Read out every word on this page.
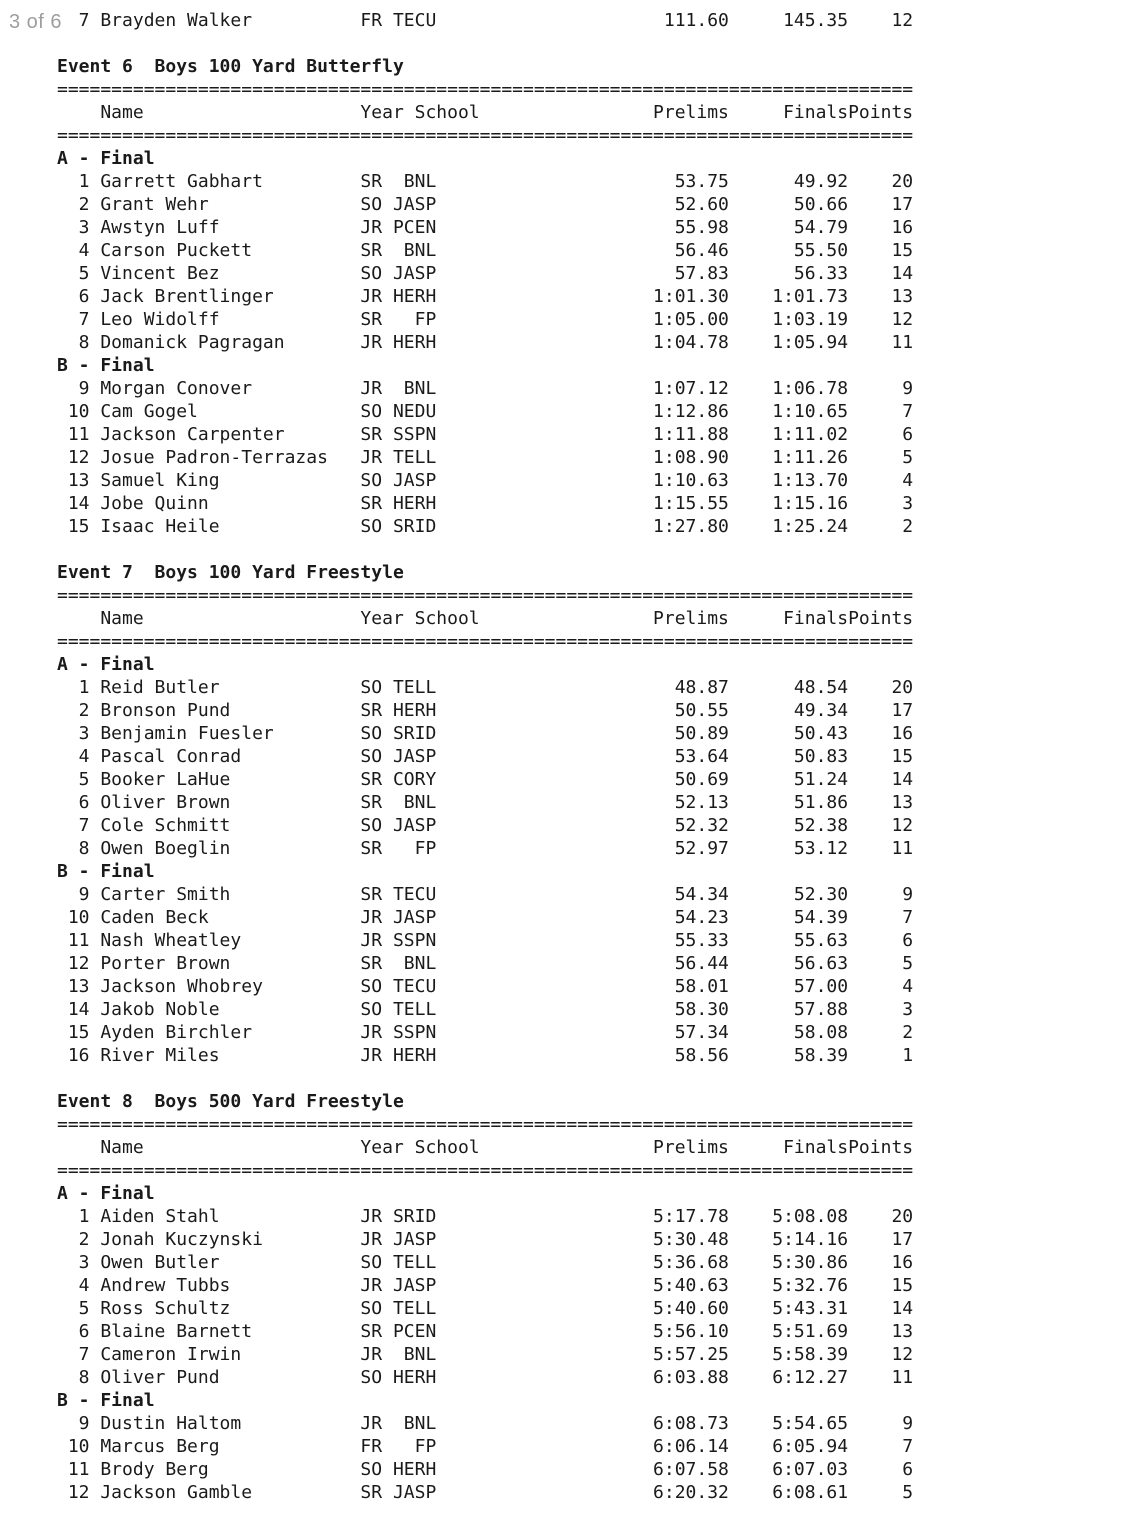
3 of 6
7 Brayden Walker          FR TECU                     111.60     145.35    12

Event 6  Boys 100 Yard Butterfly
===============================================================================
Name                    Year School                Prelims     FinalsPoints
===============================================================================
A - Final
1 Garrett Gabhart         SR  BNL                      53.75      49.92    20
2 Grant Wehr              SO JASP                      52.60      50.66    17
3 Awstyn Luff             JR PCEN                      55.98      54.79    16
4 Carson Puckett          SR  BNL                      56.46      55.50    15
5 Vincent Bez             SO JASP                      57.83      56.33    14
6 Jack Brentlinger        JR HERH                    1:01.30    1:01.73    13
7 Leo Widolff             SR   FP                    1:05.00    1:03.19    12
8 Domanick Pagragan       JR HERH                    1:04.78    1:05.94    11
B - Final
9 Morgan Conover          JR  BNL                    1:07.12    1:06.78     9
10 Cam Gogel               SO NEDU                    1:12.86    1:10.65     7
11 Jackson Carpenter       SR SSPN                    1:11.88    1:11.02     6
12 Josue Padron-Terrazas   JR TELL                    1:08.90    1:11.26     5
13 Samuel King             SO JASP                    1:10.63    1:13.70     4
14 Jobe Quinn              SR HERH                    1:15.55    1:15.16     3
15 Isaac Heile             SO SRID                    1:27.80    1:25.24     2

Event 7  Boys 100 Yard Freestyle
===============================================================================
Name                    Year School                Prelims     FinalsPoints
===============================================================================
A - Final
1 Reid Butler             SO TELL                      48.87      48.54    20
2 Bronson Pund            SR HERH                      50.55      49.34    17
3 Benjamin Fuesler        SO SRID                      50.89      50.43    16
4 Pascal Conrad           SO JASP                      53.64      50.83    15
5 Booker LaHue            SR CORY                      50.69      51.24    14
6 Oliver Brown            SR  BNL                      52.13      51.86    13
7 Cole Schmitt            SO JASP                      52.32      52.38    12
8 Owen Boeglin            SR   FP                      52.97      53.12    11
B - Final
9 Carter Smith            SR TECU                      54.34      52.30     9
10 Caden Beck              JR JASP                      54.23      54.39     7
11 Nash Wheatley           JR SSPN                      55.33      55.63     6
12 Porter Brown            SR  BNL                      56.44      56.63     5
13 Jackson Whobrey         SO TECU                      58.01      57.00     4
14 Jakob Noble             SO TELL                      58.30      57.88     3
15 Ayden Birchler          JR SSPN                      57.34      58.08     2
16 River Miles             JR HERH                      58.56      58.39     1

Event 8  Boys 500 Yard Freestyle
===============================================================================
Name                    Year School                Prelims     FinalsPoints
===============================================================================
A - Final
1 Aiden Stahl             JR SRID                    5:17.78    5:08.08    20
2 Jonah Kuczynski         JR JASP                    5:30.48    5:14.16    17
3 Owen Butler             SO TELL                    5:36.68    5:30.86    16
4 Andrew Tubbs            JR JASP                    5:40.63    5:32.76    15
5 Ross Schultz            SO TELL                    5:40.60    5:43.31    14
6 Blaine Barnett          SR PCEN                    5:56.10    5:51.69    13
7 Cameron Irwin           JR  BNL                    5:57.25    5:58.39    12
8 Oliver Pund             SO HERH                    6:03.88    6:12.27    11
B - Final
9 Dustin Haltom           JR  BNL                    6:08.73    5:54.65     9
10 Marcus Berg             FR   FP                    6:06.14    6:05.94     7
11 Brody Berg              SO HERH                    6:07.58    6:07.03     6
12 Jackson Gamble          SR JASP                    6:20.32    6:08.61     5
